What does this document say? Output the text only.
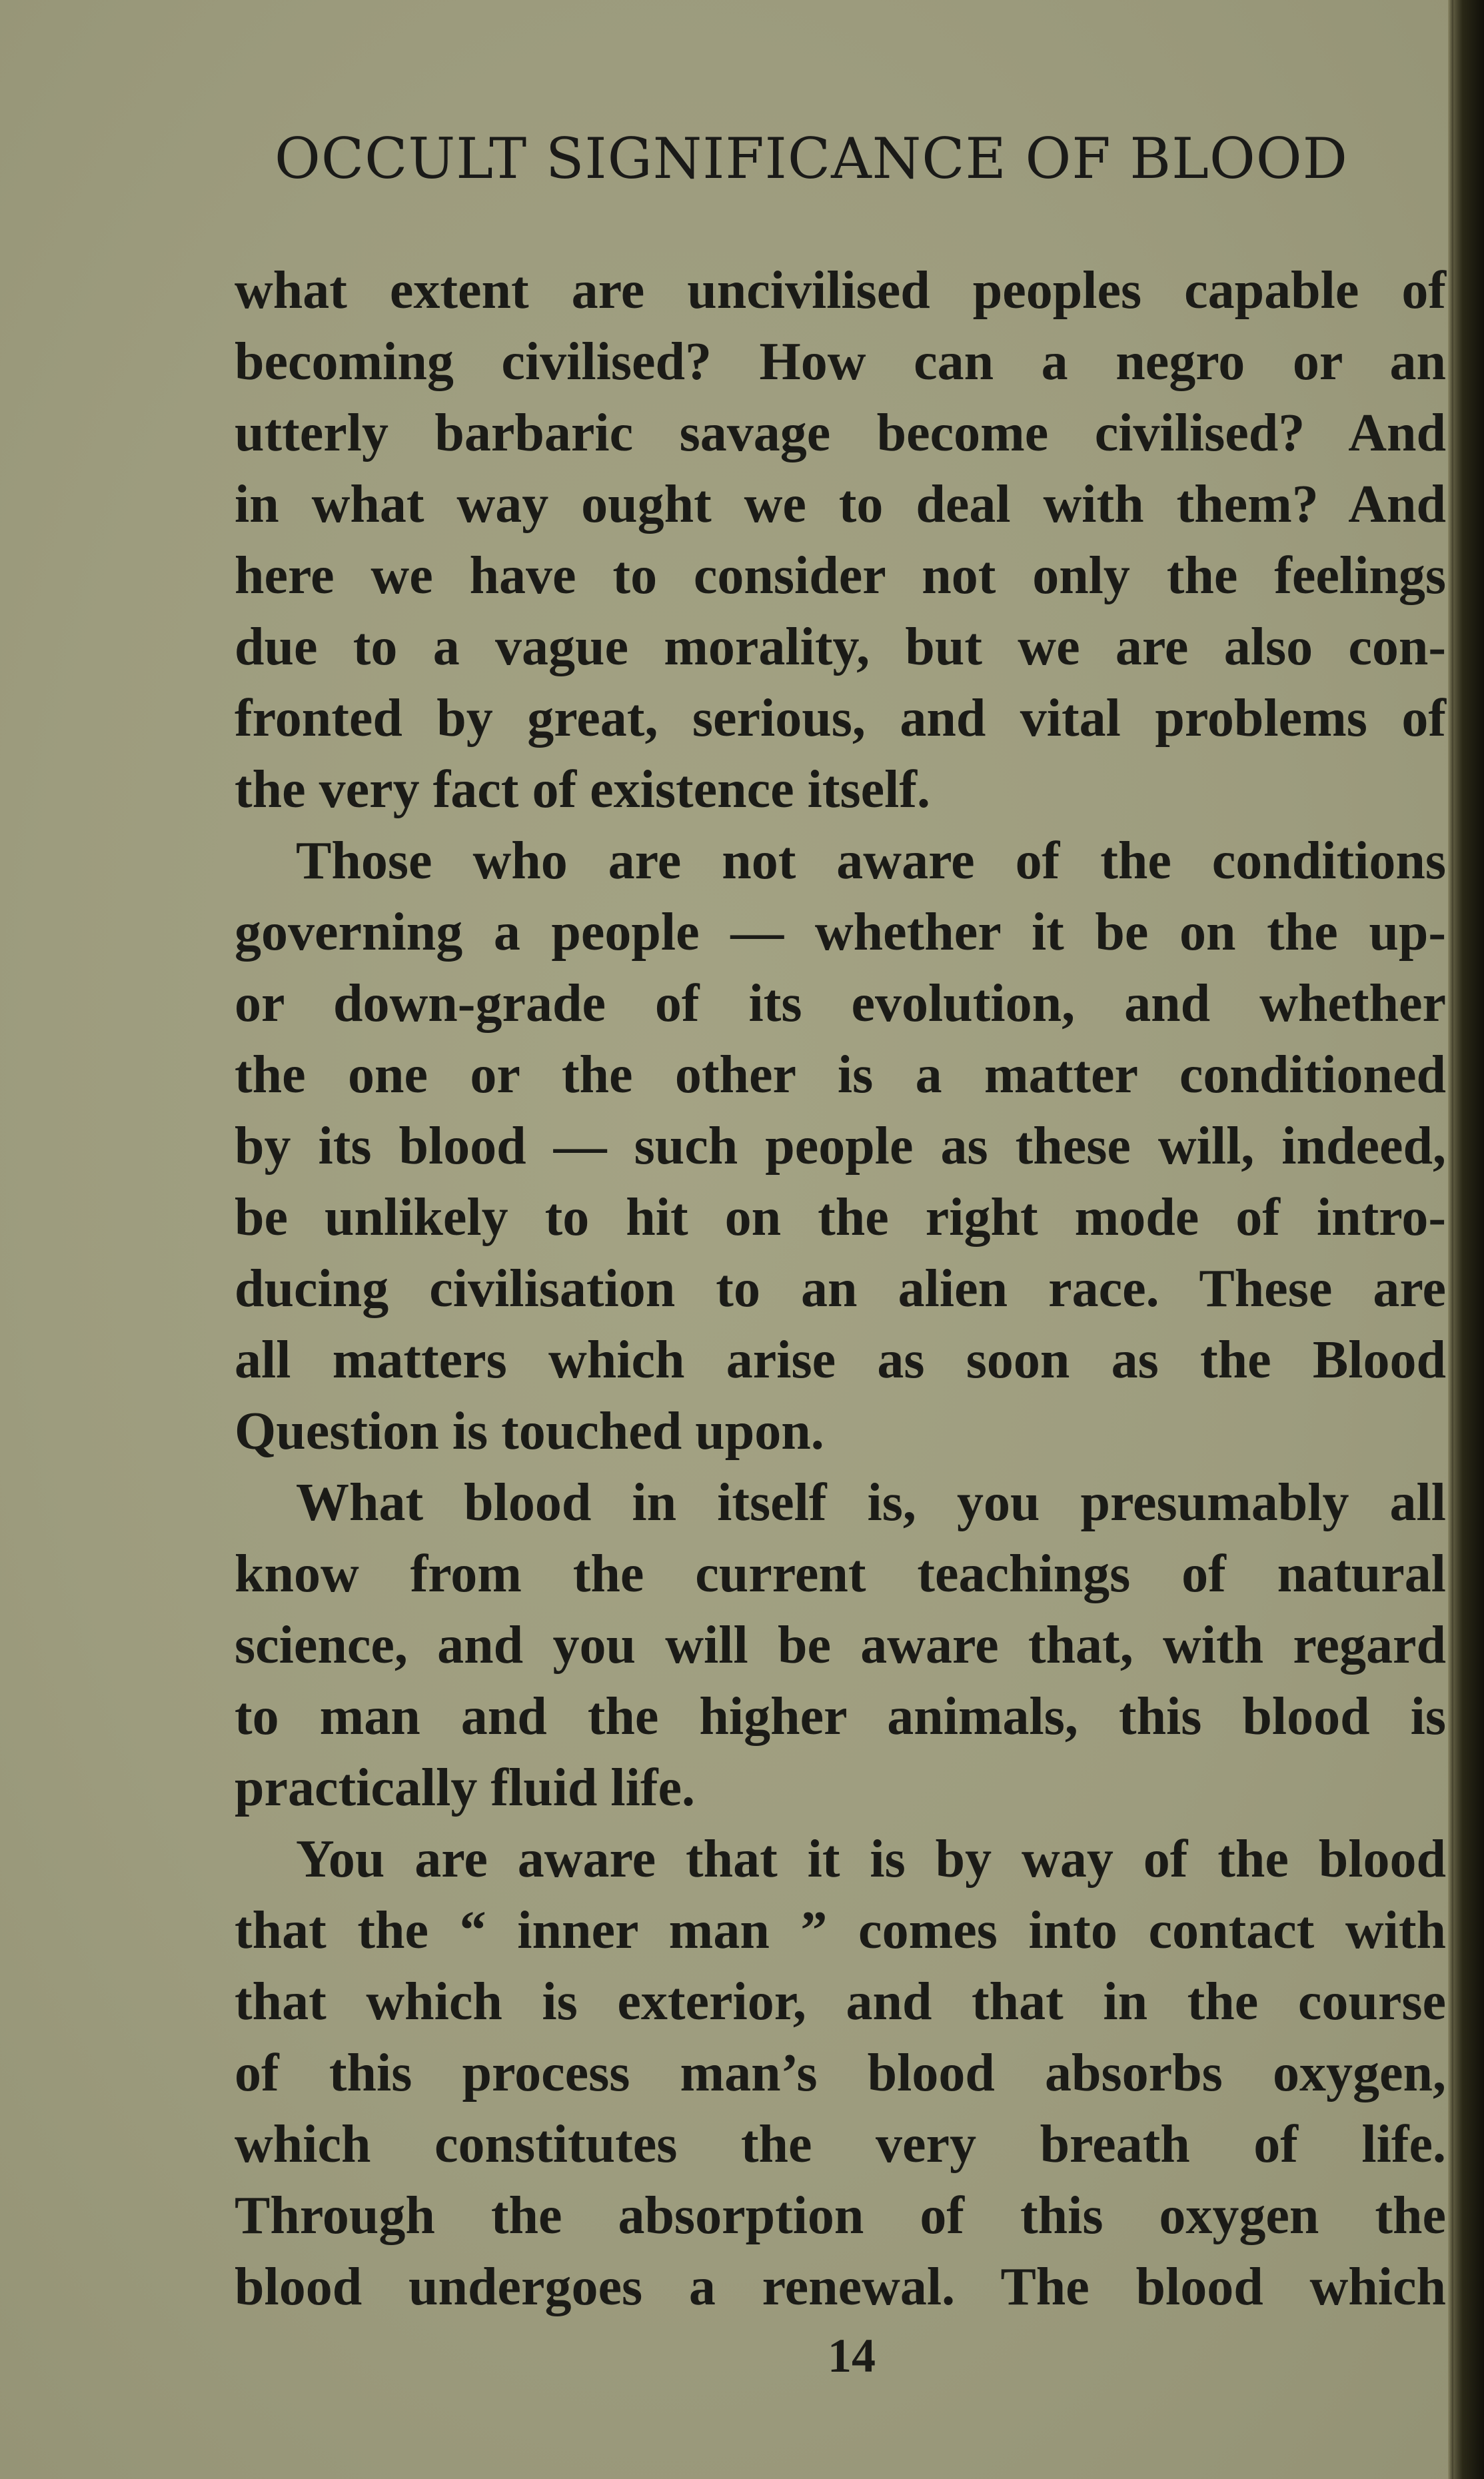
OCCULT SIGNIFICANCE OF BLOOD
what extent are uncivilised peoples capable of
becoming civilised? How can a negro or an
utterly barbaric savage become civilised? And
in what way ought we to deal with them? And
here we have to consider not only the feelings
due to a vague morality, but we are also con-
fronted by great, serious, and vital problems of
the very fact of existence itself.
Those who are not aware of the conditions
governing a people — whether it be on the up-
or down-grade of its evolution, and whether
the one or the other is a matter conditioned
by its blood — such people as these will, indeed,
be unlikely to hit on the right mode of intro-
ducing civilisation to an alien race. These are
all matters which arise as soon as the Blood
Question is touched upon.
What blood in itself is, you presumably all
know from the current teachings of natural
science, and you will be aware that, with regard
to man and the higher animals, this blood is
practically fluid life.
You are aware that it is by way of the blood
that the “ inner man ” comes into contact with
that which is exterior, and that in the course
of this process man’s blood absorbs oxygen,
which constitutes the very breath of life.
Through the absorption of this oxygen the
blood undergoes a renewal. The blood which
14
